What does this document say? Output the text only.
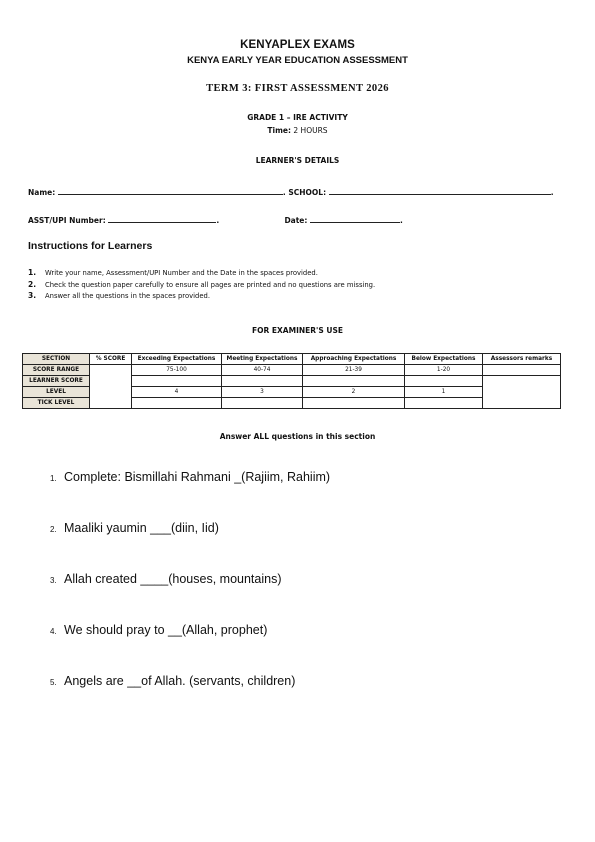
KENYAPLEX EXAMS
KENYA EARLY YEAR EDUCATION ASSESSMENT
TERM 3: FIRST ASSESSMENT 2026
GRADE 1 – IRE ACTIVITY
Time: 2 HOURS
LEARNER'S DETAILS
Name:	. SCHOOL:	.
ASST/UPI Number:	.	Date:	.
Instructions for Learners
1. Write your name, Assessment/UPI Number and the Date in the spaces provided.
2. Check the question paper carefully to ensure all pages are printed and no questions are missing.
3. Answer all the questions in the spaces provided.
FOR EXAMINER'S USE
SECTION	% SCORE	Exceeding Expectations	Meeting Expectations	Approaching Expectations	Below Expectations	Assessors remarks
SCORE RANGE		75-100	40-74	21-39	1-20	
LEARNER SCORE						
LEVEL		4	3	2	1	
TICK LEVEL						
Answer ALL questions in this section
1. Complete: Bismillahi Rahmani _(Rajiim, Rahiim)
2. Maaliki yaumin ___(diin, Iid)
3. Allah created ____(houses, mountains)
4. We should pray to __(Allah, prophet)
5. Angels are __of Allah. (servants, children)
